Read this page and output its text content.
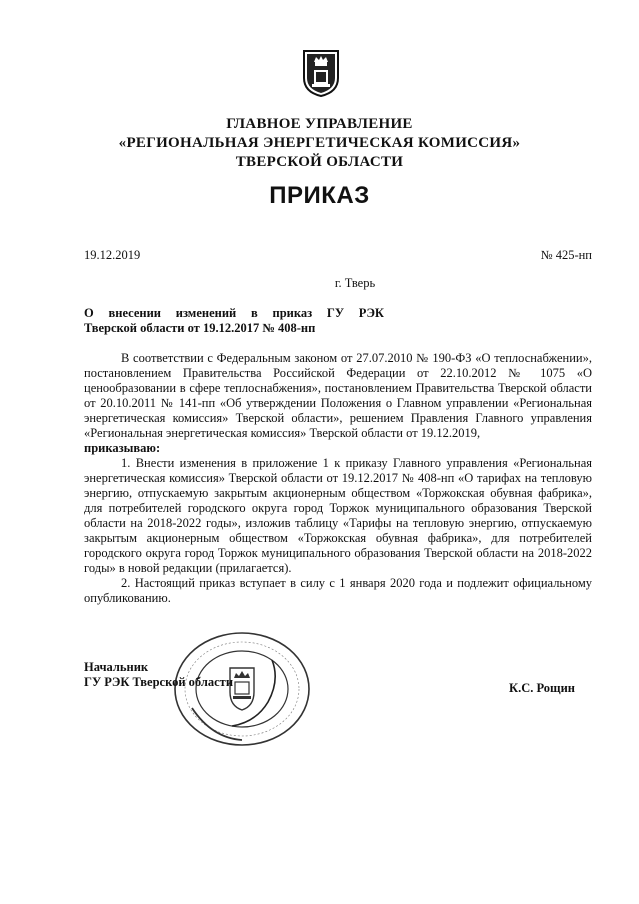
ГЛАВНОЕ УПРАВЛЕНИЕ
«РЕГИОНАЛЬНАЯ ЭНЕРГЕТИЧЕСКАЯ КОМИССИЯ»
ТВЕРСКОЙ ОБЛАСТИ
ПРИКАЗ
19.12.2019	№ 425-нп
г. Тверь
О внесении изменений в приказ ГУ РЭК
Тверской области от 19.12.2017 № 408-нп

В соответствии с Федеральным законом от 27.07.2010 № 190-ФЗ «О теплоснабжении», постановлением Правительства Российской Федерации от 22.10.2012 № 1075 «О ценообразовании в сфере теплоснабжения», постановлением Правительства Тверской области от 20.10.2011 № 141-пп «Об утверждении Положения о Главном управлении «Региональная энергетическая комиссия» Тверской области», решением Правления Главного управления «Региональная энергетическая комиссия» Тверской области от 19.12.2019,

приказываю:

1. Внести изменения в приложение 1 к приказу Главного управления «Региональная энергетическая комиссия» Тверской области от 19.12.2017 № 408-нп «О тарифах на тепловую энергию, отпускаемую закрытым акционерным обществом «Торжокская обувная фабрика», для потребителей городского округа город Торжок муниципального образования Тверской области на 2018-2022 годы», изложив таблицу «Тарифы на тепловую энергию, отпускаемую закрытым акционерным обществом «Торжокская обувная фабрика», для потребителей городского округа город Торжок муниципального образования Тверской области на 2018-2022 годы» в новой редакции (прилагается).

2. Настоящий приказ вступает в силу с 1 января 2020 года и подлежит официальному опубликованию.

Начальник
ГУ РЭК Тверской области	К.С. Рощин
